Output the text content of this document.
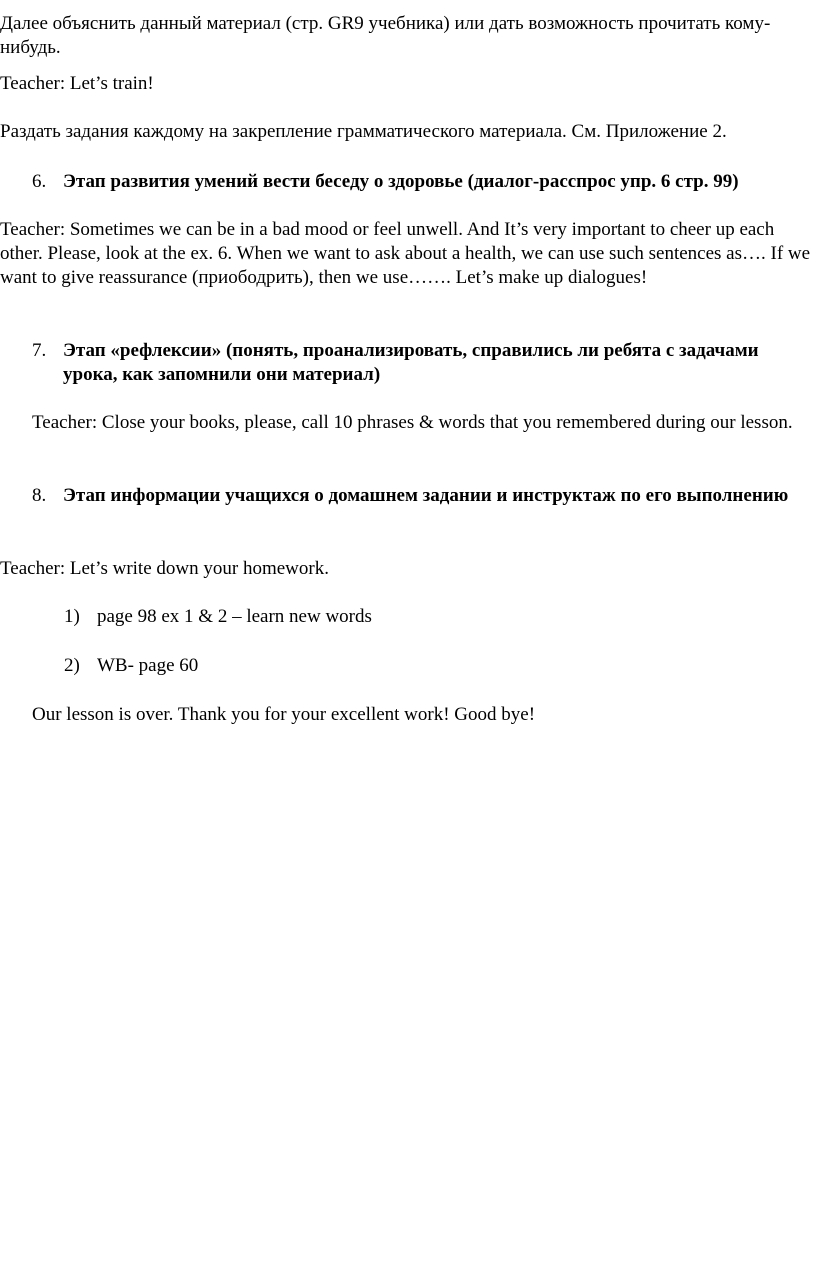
Далее объяснить данный материал (стр. GR9 учебника) или дать возможность прочитать кому-нибудь.

Teacher: Let’s train!

Раздать задания каждому на закрепление грамматического материала. См. Приложение 2.

6. Этап развития умений вести беседу о здоровье (диалог-расспрос упр. 6 стр. 99)

Teacher: Sometimes we can be in a bad mood or feel unwell. And It’s very important to cheer up each other. Please, look at the ex. 6. When we want to ask about a health, we can use such sentences as…. If we want to give reassurance (приободрить), then we use……. Let’s make up dialogues!

7. Этап «рефлексии» (понять, проанализировать, справились ли ребята с задачами урока, как запомнили они материал)

Teacher: Close your books, please, call 10 phrases & words that you remembered during our lesson.

8. Этап информации учащихся о домашнем задании и инструктаж по его выполнению

Teacher: Let’s write down your homework.

1) page 98 ex 1 & 2 – learn new words
2) WB- page 60

Our lesson is over. Thank you for your excellent work! Good bye!
